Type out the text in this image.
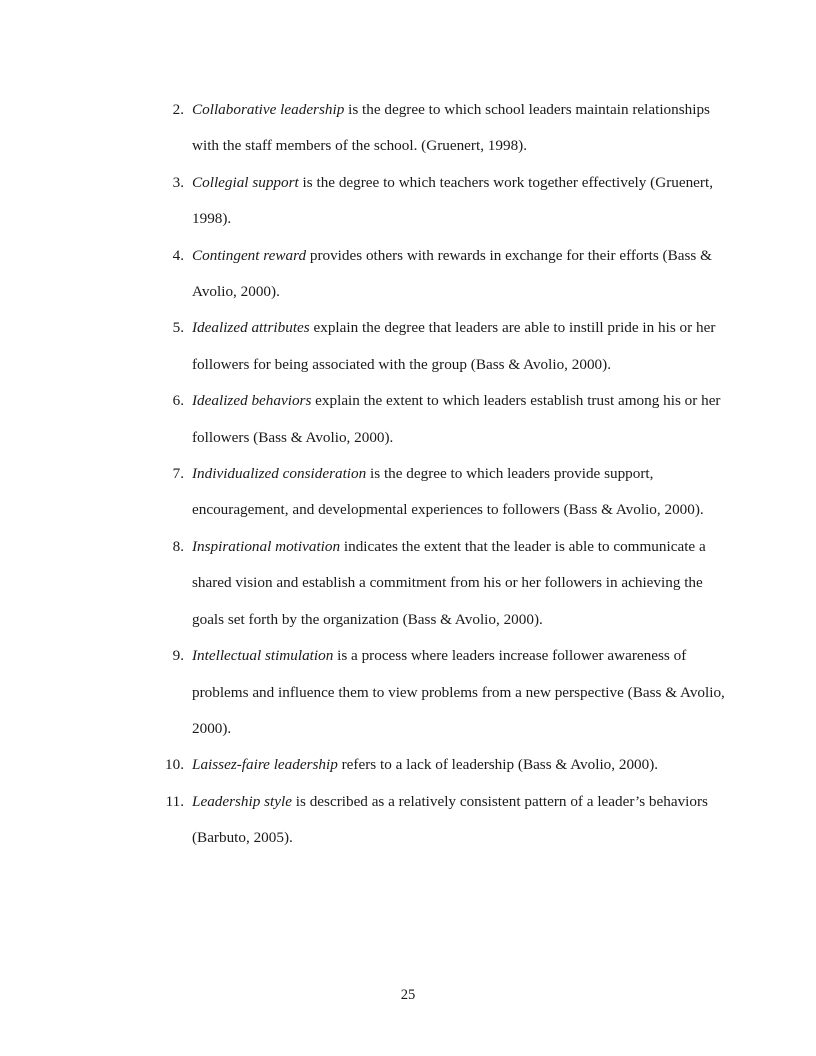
2. Collaborative leadership is the degree to which school leaders maintain relationships with the staff members of the school. (Gruenert, 1998).
3. Collegial support is the degree to which teachers work together effectively (Gruenert, 1998).
4. Contingent reward provides others with rewards in exchange for their efforts (Bass & Avolio, 2000).
5. Idealized attributes explain the degree that leaders are able to instill pride in his or her followers for being associated with the group (Bass & Avolio, 2000).
6. Idealized behaviors explain the extent to which leaders establish trust among his or her followers (Bass & Avolio, 2000).
7. Individualized consideration is the degree to which leaders provide support, encouragement, and developmental experiences to followers (Bass & Avolio, 2000).
8. Inspirational motivation indicates the extent that the leader is able to communicate a shared vision and establish a commitment from his or her followers in achieving the goals set forth by the organization (Bass & Avolio, 2000).
9. Intellectual stimulation is a process where leaders increase follower awareness of problems and influence them to view problems from a new perspective (Bass & Avolio, 2000).
10. Laissez-faire leadership refers to a lack of leadership (Bass & Avolio, 2000).
11. Leadership style is described as a relatively consistent pattern of a leader’s behaviors (Barbuto, 2005).
25
